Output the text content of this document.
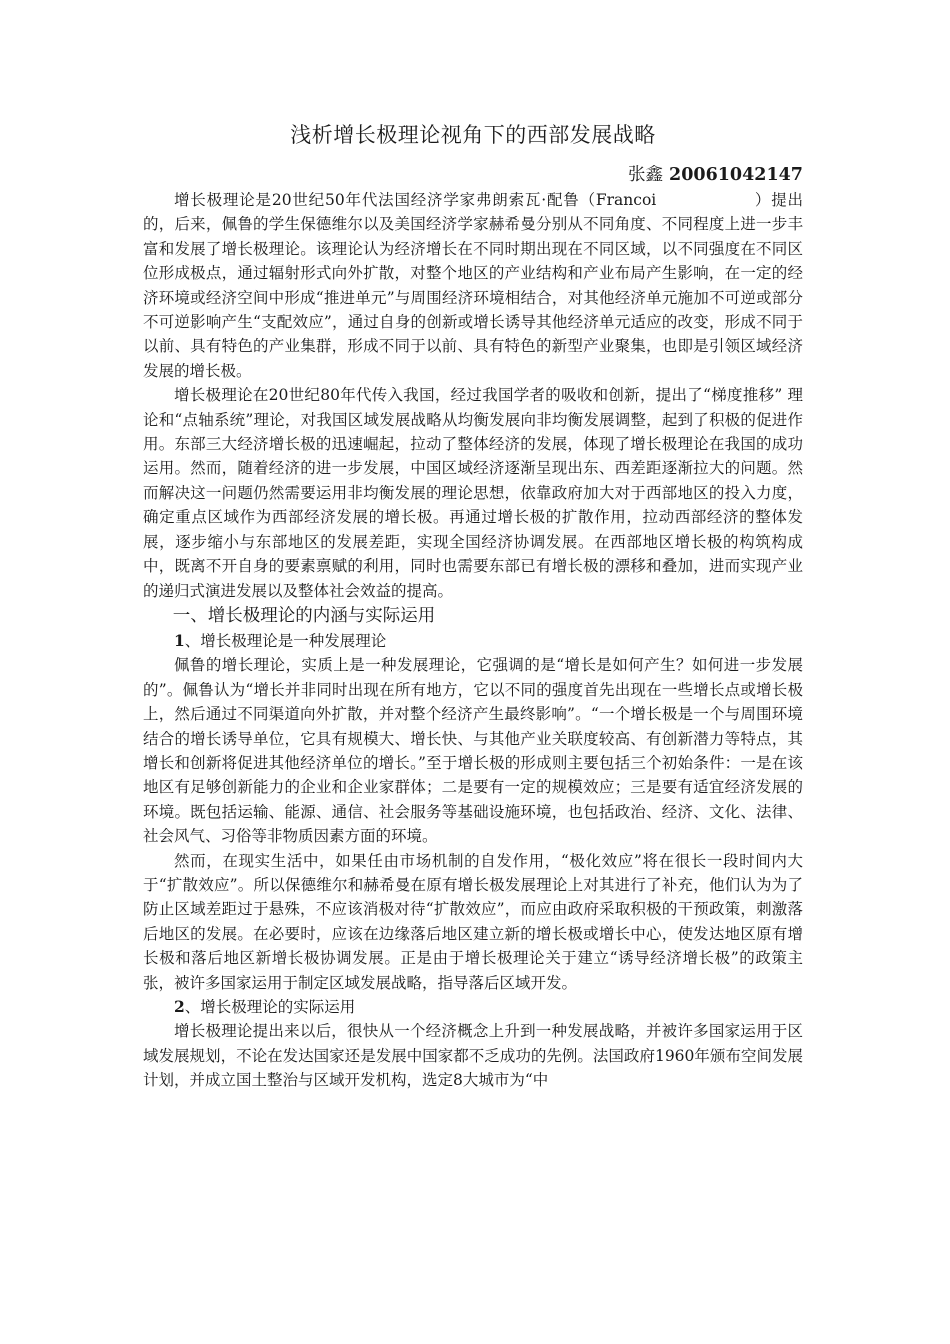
浅析增长极理论视角下的西部发展战略
张鑫 20061042147

增长极理论是20世纪50年代法国经济学家弗朗索瓦·配鲁（Francoi　　　　　　）提出的，后来，佩鲁的学生保德维尔以及美国经济学家赫希曼分别从不同角度、不同程度上进一步丰富和发展了增长极理论。该理论认为经济增长在不同时期出现在不同区域，以不同强度在不同区位形成极点，通过辐射形式向外扩散，对整个地区的产业结构和产业布局产生影响，在一定的经济环境或经济空间中形成“推进单元”与周围经济环境相结合，对其他经济单元施加不可逆或部分不可逆影响产生“支配效应”，通过自身的创新或增长诱导其他经济单元适应的改变，形成不同于以前、具有特色的产业集群，形成不同于以前、具有特色的新型产业聚集，也即是引领区域经济发展的增长极。

增长极理论在20世纪80年代传入我国，经过我国学者的吸收和创新，提出了“梯度推移” 理论和“点轴系统”理论，对我国区域发展战略从均衡发展向非均衡发展调整，起到了积极的促进作用。东部三大经济增长极的迅速崛起，拉动了整体经济的发展，体现了增长极理论在我国的成功运用。然而，随着经济的进一步发展，中国区域经济逐渐呈现出东、西差距逐渐拉大的问题。然而解决这一问题仍然需要运用非均衡发展的理论思想，依靠政府加大对于西部地区的投入力度，确定重点区域作为西部经济发展的增长极。再通过增长极的扩散作用，拉动西部经济的整体发展，逐步缩小与东部地区的发展差距，实现全国经济协调发展。在西部地区增长极的构筑构成中，既离不开自身的要素禀赋的利用，同时也需要东部已有增长极的漂移和叠加，进而实现产业的递归式演进发展以及整体社会效益的提高。

一、增长极理论的内涵与实际运用
1、增长极理论是一种发展理论

佩鲁的增长理论，实质上是一种发展理论，它强调的是“增长是如何产生？如何进一步发展的”。佩鲁认为“增长并非同时出现在所有地方，它以不同的强度首先出现在一些增长点或增长极上，然后通过不同渠道向外扩散，并对整个经济产生最终影响”。“一个增长极是一个与周围环境结合的增长诱导单位，它具有规模大、增长快、与其他产业关联度较高、有创新潜力等特点，其增长和创新将促进其他经济单位的增长。”至于增长极的形成则主要包括三个初始条件：一是在该地区有足够创新能力的企业和企业家群体；二是要有一定的规模效应；三是要有适宜经济发展的环境。既包括运输、能源、通信、社会服务等基础设施环境，也包括政治、经济、文化、法律、社会风气、习俗等非物质因素方面的环境。

然而，在现实生活中，如果任由市场机制的自发作用，“极化效应”将在很长一段时间内大于“扩散效应”。所以保德维尔和赫希曼在原有增长极发展理论上对其进行了补充，他们认为为了防止区域差距过于悬殊，不应该消极对待“扩散效应”，而应由政府采取积极的干预政策，刺激落后地区的发展。在必要时，应该在边缘落后地区建立新的增长极或增长中心，使发达地区原有增长极和落后地区新增长极协调发展。正是由于增长极理论关于建立“诱导经济增长极”的政策主张，被许多国家运用于制定区域发展战略，指导落后区域开发。

2、增长极理论的实际运用

增长极理论提出来以后，很快从一个经济概念上升到一种发展战略，并被许多国家运用于区域发展规划，不论在发达国家还是发展中国家都不乏成功的先例。法国政府1960年颁布空间发展计划，并成立国土整治与区域开发机构，选定8大城市为“中
